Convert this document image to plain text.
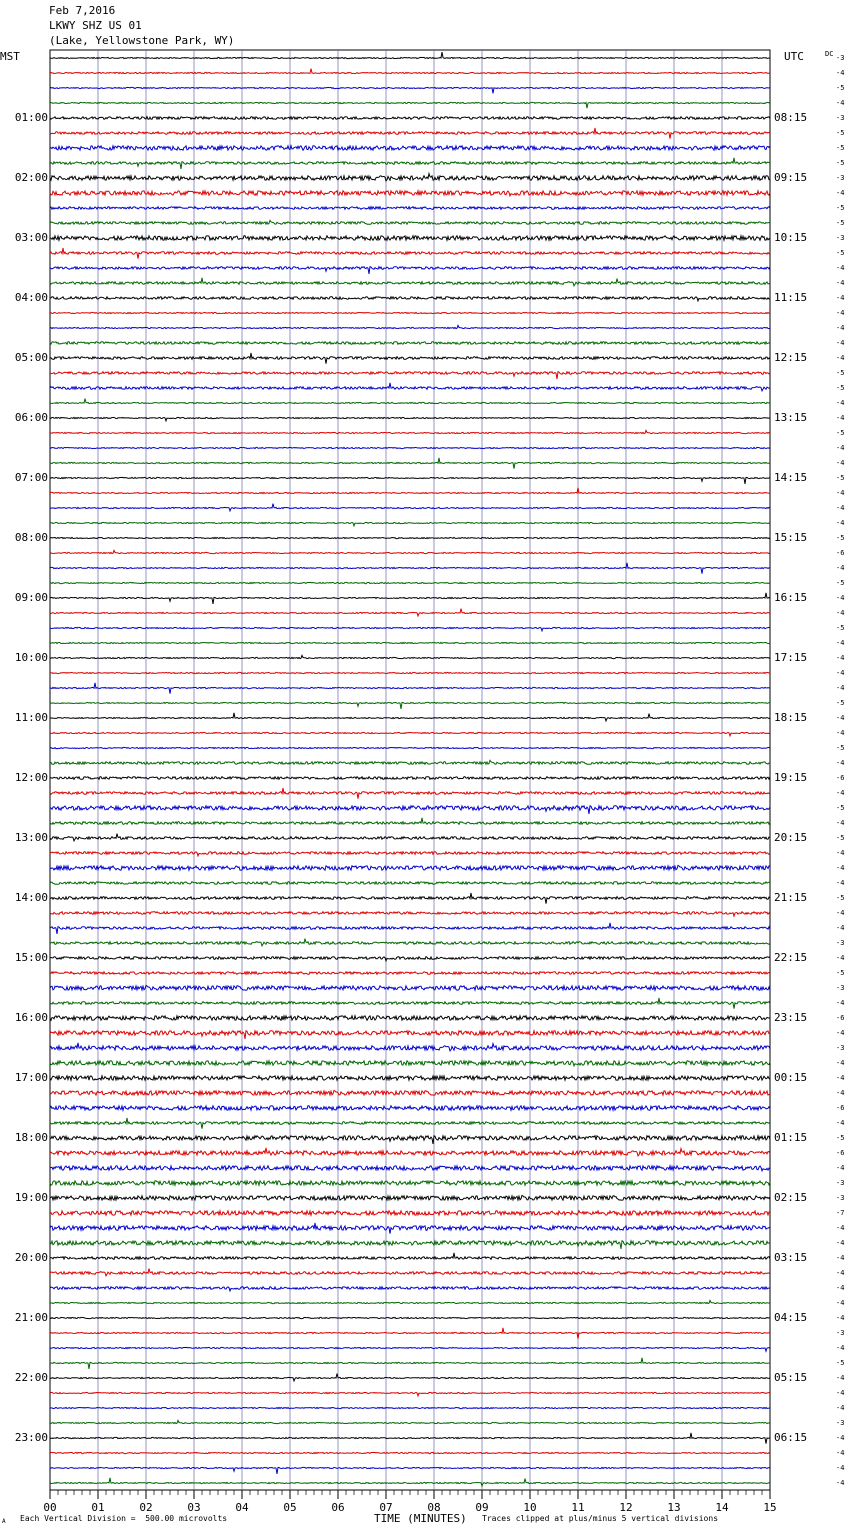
Feb 7,2016
LKWY SHZ US 01
(Lake, Yellowstone Park, WY)
MST	UTC	DC
01:00
02:00
03:00
04:00
05:00
06:00
07:00
08:00
09:00
10:00
11:00
12:00
13:00
14:00
15:00
16:00
17:00
18:00
19:00
20:00
21:00
22:00
23:00
08:15
09:15
10:15
11:15
12:15
13:15
14:15
15:15
16:15
17:15
18:15
19:15
20:15
21:15
22:15
23:15
00:15
01:15
02:15
03:15
04:15
05:15
06:15
-3
-4
-5
-4
-3
-5
-5
-5
-3
-4
-5
-5
-3
-5
-4
-4
-4
-4
-4
-4
-4
-5
-5
-4
-4
-5
-4
-4
-5
-4
-4
-4
-5
-6
-4
-5
-4
-4
-5
-4
-4
-4
-4
-5
-4
-4
-5
-4
-6
-4
-5
-4
-5
-4
-4
-4
-5
-4
-4
-3
-4
-5
-3
-4
-6
-4
-3
-4
-4
-4
-6
-4
-5
-6
-4
-3
-3
-7
-4
-4
-4
-4
-4
-4
-4
-3
-4
-5
-4
-4
-4
-3
-4
-4
-4
-4
00	01	02	03	04	05	06	07	08	09	10	11	12	13	14	15
A Each Vertical Division =  500.00 microvolts	TIME (MINUTES) Traces clipped at plus/minus 5 vertical divisions
